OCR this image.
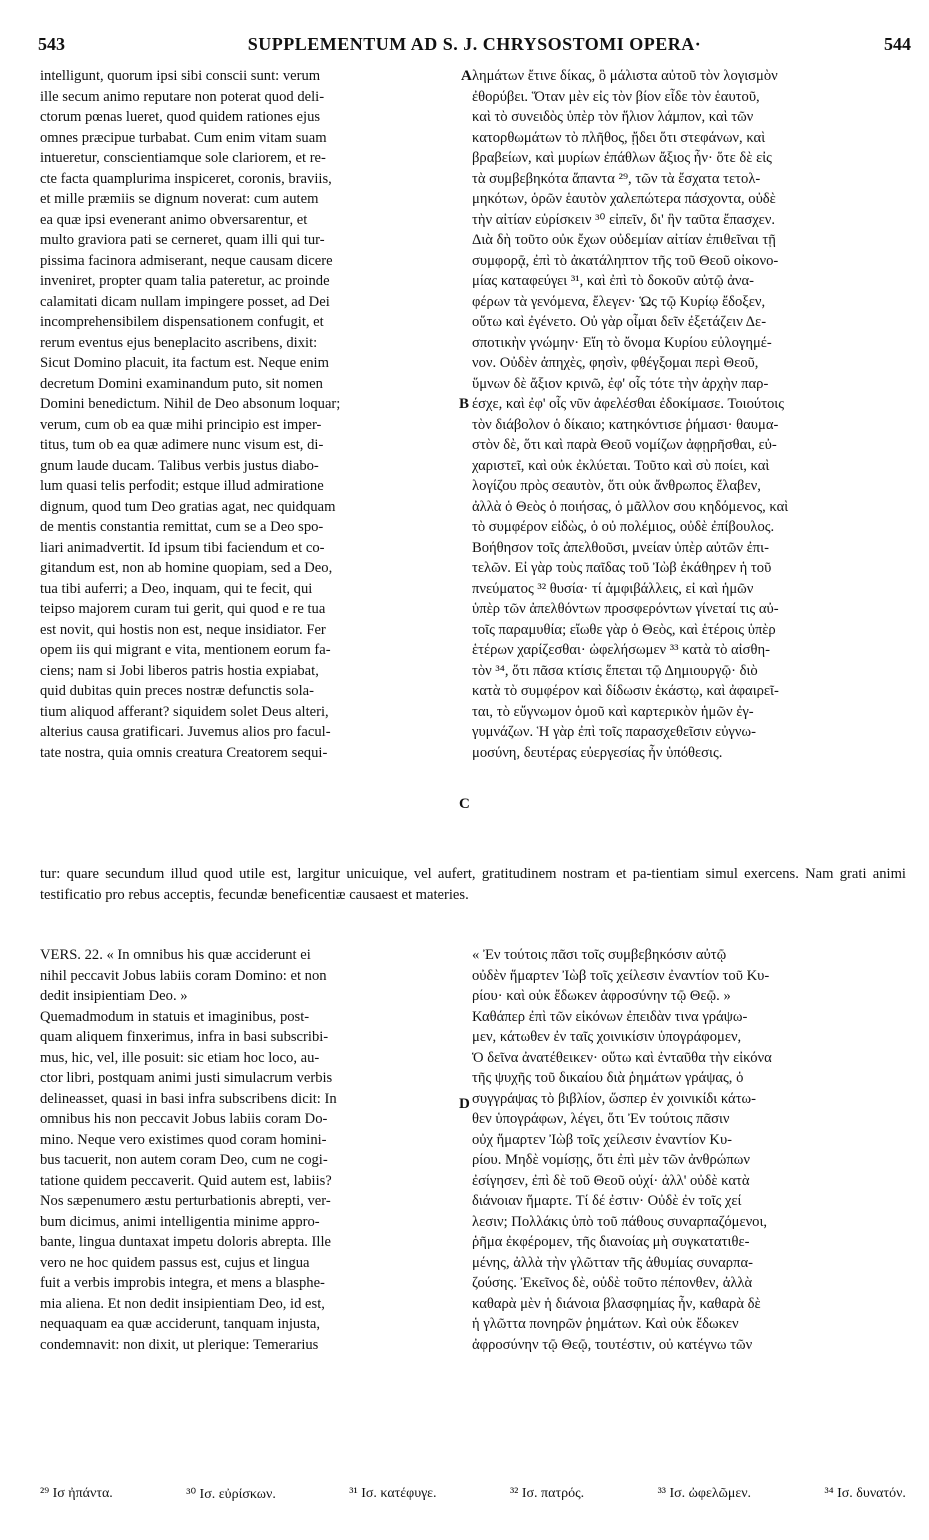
543	SUPPLEMENTUM AD S. J. CHRYSOSTOMI OPERA·	544
intelligunt, quorum ipsi sibi conscii sunt: verum
ille secum animo reputare non poterat quod deli-
ctorum pœnas lueret, quod quidem rationes ejus
omnes præcipue turbabat. Cum enim vitam suam
intueretur, conscientiamque sole clariorem, et re-
cte facta quamplurima inspiceret, coronis, braviis,
et mille præmiis se dignum noverat: cum autem
ea quæ ipsi evenerant animo obversarentur, et
multo graviora pati se cerneret, quam illi qui tur-
pissima facinora admiserant, neque causam dicere
inveniret, propter quam talia pateretur, ac proinde
calamitati dicam nullam impingere posset, ad Dei
incomprehensibilem dispensationem confugit, et
rerum eventus ejus beneplacito ascribens, dixit:
Sicut Domino placuit, ita factum est. Neque enim
decretum Domini examinandum puto, sit nomen
Domini benedictum. Nihil de Deo absonum loquar;
verum, cum ob ea quæ mihi principio est imper-
titus, tum ob ea quæ adimere nunc visum est, di-
gnum laude ducam. Talibus verbis justus diabo-
lum quasi telis perfodit; estque illud admiratione
dignum, quod tum Deo gratias agat, nec quidquam
de mentis constantia remittat, cum se a Deo spo-
liari animadvertit. Id ipsum tibi faciendum et co-
gitandum est, non ab homine quopiam, sed a Deo,
tua tibi auferri; a Deo, inquam, qui te fecit, qui
teipso majorem curam tui gerit, qui quod e re tua
est novit, qui hostis non est, neque insidiator. Fer
opem iis qui migrant e vita, mentionem eorum fa-
ciens; nam si Jobi liberos patris hostia expiabat,
quid dubitas quin preces nostræ defunctis sola-
tium aliquod afferant? siquidem solet Deus alteri,
alterius causa gratificari. Juvemus alios pro facul-
tate nostra, quia omnis creatura Creatorem sequi-
λημάτων ἔτινε δίκας, ὃ μάλιστα αὐτοῦ τὸν λογισμὸν
ἐθορύβει. Ὅταν μὲν εἰς τὸν βίον εἶδε τὸν ἑαυτοῦ,
καὶ τὸ συνειδὸς ὑπὲρ τὸν ἥλιον λάμπον, καὶ τῶν
κατορθωμάτων τὸ πλῆθος, ᾔδει ὅτι στεφάνων, καὶ
βραβείων, καὶ μυρίων ἐπάθλων ἄξιος ἦν· ὅτε δὲ εἰς
τὰ συμβεβηκότα ἅπαντα ²⁹, τῶν τὰ ἔσχατα τετολ-
μηκότων, ὁρῶν ἑαυτὸν χαλεπώτερα πάσχοντα, οὐδὲ
τὴν αἰτίαν εὑρίσκειν ³⁰ εἰπεῖν, δι' ἣν ταῦτα ἔπασχεν.
Διὰ δὴ τοῦτο οὐκ ἔχων οὐδεμίαν αἰτίαν ἐπιθεῖναι τῇ
συμφορᾷ, ἐπὶ τὸ ἀκατάληπτον τῆς τοῦ Θεοῦ οἰκονο-
μίας καταφεύγει ³¹, καὶ ἐπὶ τὸ δοκοῦν αὐτῷ ἀνα-
φέρων τὰ γενόμενα, ἔλεγεν· Ὡς τῷ Κυρίῳ ἔδοξεν,
οὕτω καὶ ἐγένετο. Οὐ γὰρ οἶμαι δεῖν ἐξετάζειν Δε-
σποτικὴν γνώμην· Εἴη τὸ ὄνομα Κυρίου εὐλογημέ-
νον. Οὐδὲν ἀπηχὲς, φησὶν, φθέγξομαι περὶ Θεοῦ,
ὕμνων δὲ ἄξιον κρινῶ, ἐφ' οἷς τότε τὴν ἀρχὴν παρ-
έσχε, καὶ ἐφ' οἷς νῦν ἀφελέσθαι ἐδοκίμασε. Τοιούτοις
τὸν διάβολον ὁ δίκαιο; κατηκόντισε ῥήμασι· θαυμα-
στὸν δὲ, ὅτι καὶ παρὰ Θεοῦ νομίζων ἀφῃρῆσθαι, εὐ-
χαριστεῖ, καὶ οὐκ ἐκλύεται. Τοῦτο καὶ σὺ ποίει, καὶ
λογίζου πρὸς σεαυτὸν, ὅτι οὐκ ἄνθρωπος ἔλαβεν,
ἀλλὰ ὁ Θεὸς ὁ ποιήσας, ὁ μᾶλλον σου κηδόμενος, καὶ
τὸ συμφέρον εἰδὼς, ὁ οὐ πολέμιος, οὐδὲ ἐπίβουλος.
Βοήθησον τοῖς ἀπελθοῦσι, μνείαν ὑπὲρ αὐτῶν ἐπι-
τελῶν. Εἰ γὰρ τοὺς παῖδας τοῦ Ἰὼβ ἐκάθηρεν ἡ τοῦ
πνεύματος ³² θυσία· τί ἀμφιβάλλεις, εἰ καὶ ἡμῶν
ὑπὲρ τῶν ἀπελθόντων προσφερόντων γίνεταί τις αὐ-
τοῖς παραμυθία; εἴωθε γὰρ ὁ Θεὸς, καὶ ἑτέροις ὑπὲρ
ἑτέρων χαρίζεσθαι· ὠφελήσωμεν ³³ κατὰ τὸ αἰσθη-
τὸν ³⁴, ὅτι πᾶσα κτίσις ἕπεται τῷ Δημιουργῷ· διὸ
κατὰ τὸ συμφέρον καὶ δίδωσιν ἑκάστῳ, καὶ ἀφαιρεῖ-
ται, τὸ εὔγνωμον ὁμοῦ καὶ καρτερικὸν ἡμῶν ἐγ-
γυμνάζων. Ἡ γὰρ ἐπὶ τοῖς παρασχεθεῖσιν εὐγνω-
μοσύνη, δευτέρας εὐεργεσίας ἦν ὑπόθεσις.
A
B
C
D
tur: quare secundum illud quod utile est, largitur unicuique, vel aufert, gratitudinem nostram et pa-tientiam simul exercens. Nam grati animi testificatio pro rebus acceptis, fecundæ beneficentiæ causaest et materies.
VERS. 22. « In omnibus his quæ acciderunt ei
nihil peccavit Jobus labiis coram Domino: et non
dedit insipientiam Deo. »
Quemadmodum in statuis et imaginibus, post-
quam aliquem finxerimus, infra in basi subscribi-
mus, hic, vel, ille posuit: sic etiam hoc loco, au-
ctor libri, postquam animi justi simulacrum verbis
delineasset, quasi in basi infra subscribens dicit: In
omnibus his non peccavit Jobus labiis coram Do-
mino. Neque vero existimes quod coram homini-
bus tacuerit, non autem coram Deo, cum ne cogi-
tatione quidem peccaverit. Quid autem est, labiis?
Nos sæpenumero æstu perturbationis abrepti, ver-
bum dicimus, animi intelligentia minime appro-
bante, lingua duntaxat impetu doloris abrepta. Ille
vero ne hoc quidem passus est, cujus et lingua
fuit a verbis improbis integra, et mens a blasphe-
mia aliena. Et non dedit insipientiam Deo, id est,
nequaquam ea quæ acciderunt, tanquam injusta,
condemnavit: non dixit, ut plerique: Temerarius
« Ἐν τούτοις πᾶσι τοῖς συμβεβηκόσιν αὐτῷ
οὐδὲν ἥμαρτεν Ἰὼβ τοῖς χείλεσιν ἐναντίον τοῦ Κυ-
ρίου· καὶ οὐκ ἔδωκεν ἀφροσύνην τῷ Θεῷ. »
Καθάπερ ἐπὶ τῶν εἰκόνων ἐπειδὰν τινα γράψω-
μεν, κάτωθεν ἐν ταῖς χοινικίσιν ὑπογράφομεν,
Ὁ δεῖνα ἀνατέθεικεν· οὕτω καὶ ἐνταῦθα τὴν εἰκόνα
τῆς ψυχῆς τοῦ δικαίου διὰ ῥημάτων γράψας, ὁ
συγγράψας τὸ βιβλίον, ὥσπερ ἐν χοινικίδι κάτω-
θεν ὑπογράφων, λέγει, ὅτι Ἐν τούτοις πᾶσιν
οὐχ ἥμαρτεν Ἰὼβ τοῖς χείλεσιν ἐναντίον Κυ-
ρίου. Μηδὲ νομίσῃς, ὅτι ἐπὶ μὲν τῶν ἀνθρώπων
ἐσίγησεν, ἐπὶ δὲ τοῦ Θεοῦ οὐχί· ἀλλ' οὐδὲ κατὰ
διάνοιαν ἥμαρτε. Τί δέ ἐστιν· Οὐδὲ ἐν τοῖς χεί
λεσιν; Πολλάκις ὑπὸ τοῦ πάθους συναρπαζόμενοι,
ῥῆμα ἐκφέρομεν, τῆς διανοίας μὴ συγκατατιθε-
μένης, ἀλλὰ τὴν γλῶτταν τῆς ἀθυμίας συναρπα-
ζούσης. Ἐκεῖνος δὲ, οὐδὲ τοῦτο πέπονθεν, ἀλλὰ
καθαρὰ μὲν ἡ διάνοια βλασφημίας ἦν, καθαρὰ δὲ
ἡ γλῶττα πονηρῶν ῥημάτων. Καὶ οὐκ ἔδωκεν
ἀφροσύνην τῷ Θεῷ, τουτέστιν, οὐ κατέγνω τῶν
²⁹ Ισ ἠπάντα.	³⁰ Ισ. εὐρίσκων.	³¹ Ισ. κατέφυγε.	³² Ισ. πατρός.	³³ Ισ. ὠφελῶμεν.	³⁴ Ισ. δυνατόν.
